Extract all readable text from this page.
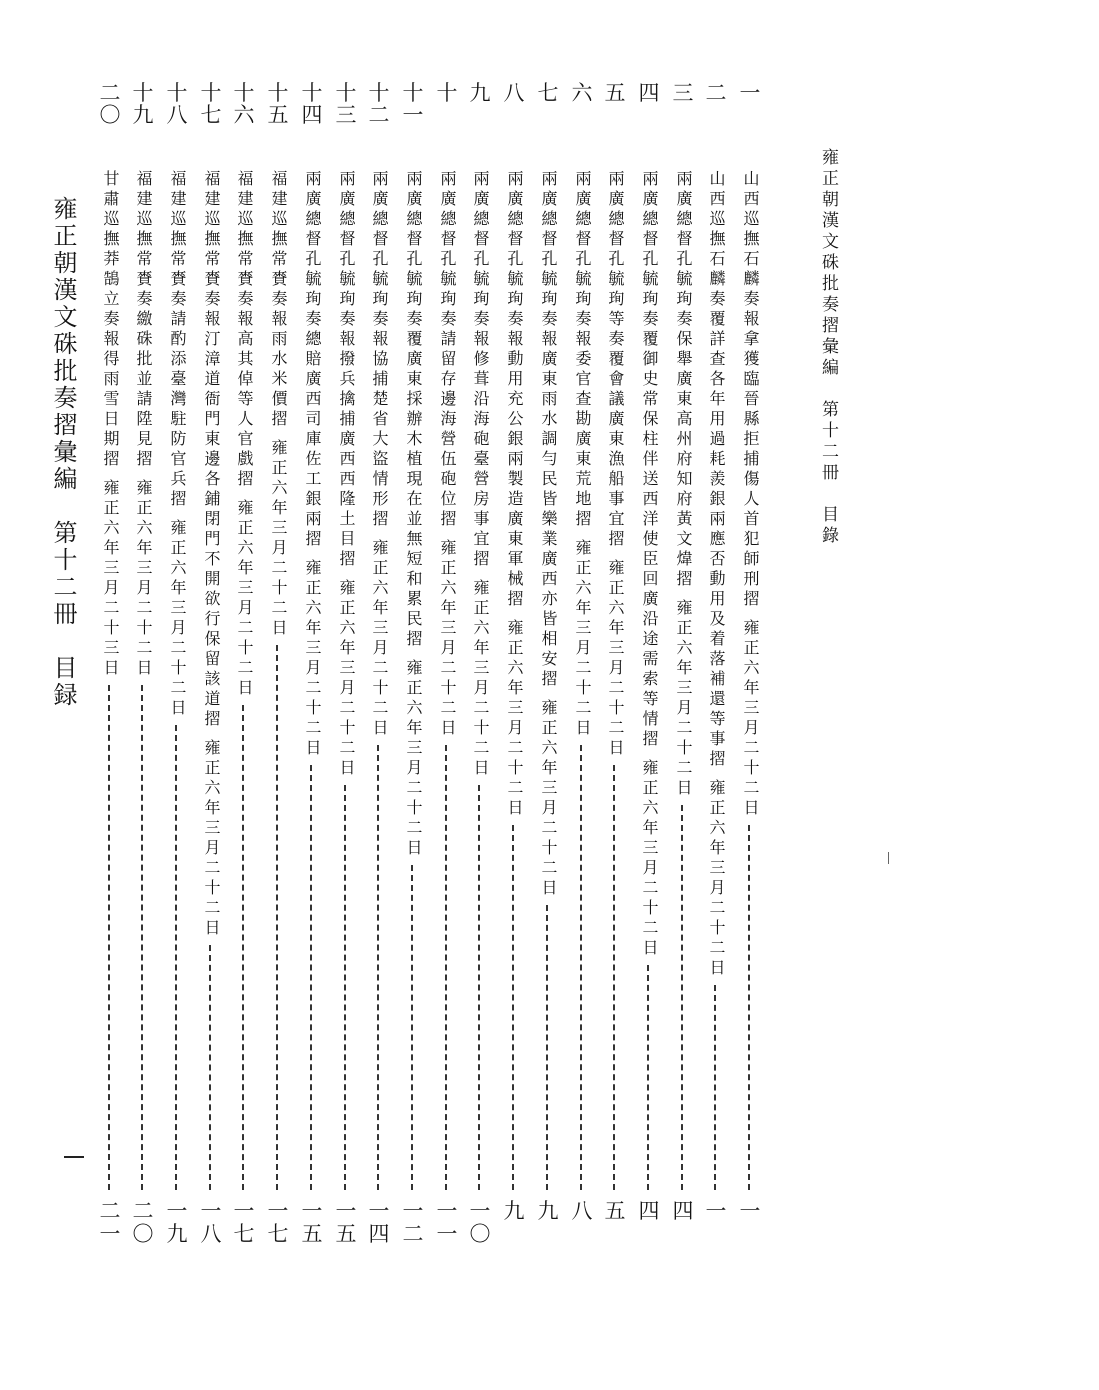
雍正朝漢文硃批奏摺彙編　第十二冊　目錄
雍正朝漢文硃批奏摺彙編　第十二冊　目録
一
山西巡撫石麟奏報拿獲臨晉縣拒捕傷人首犯師刑摺 雍正六年三月二十二日
一
二
山西巡撫石麟奏覆詳查各年用過耗羨銀兩應否動用及着落補還等事摺 雍正六年三月二十二日
一
三
兩廣總督孔毓珣奏保舉廣東高州府知府黃文煒摺 雍正六年三月二十二日
四
四
兩廣總督孔毓珣奏覆御史常保柱伴送西洋使臣回廣沿途需索等情摺 雍正六年三月二十二日
四
五
兩廣總督孔毓珣等奏覆會議廣東漁船事宜摺 雍正六年三月二十二日
五
六
兩廣總督孔毓珣奏報委官查勘廣東荒地摺 雍正六年三月二十二日
八
七
兩廣總督孔毓珣奏報廣東雨水調勻民皆樂業廣西亦皆相安摺 雍正六年三月二十二日
九
八
兩廣總督孔毓珣奏報動用充公銀兩製造廣東軍械摺 雍正六年三月二十二日
九
九
兩廣總督孔毓珣奏報修葺沿海砲臺營房事宜摺 雍正六年三月二十二日
一
〇
十
兩廣總督孔毓珣奏請留存邊海營伍砲位摺 雍正六年三月二十二日
一
一
十
一
兩廣總督孔毓珣奏覆廣東採辦木植現在並無短和累民摺 雍正六年三月二十二日
一
二
十
二
兩廣總督孔毓珣奏報協捕楚省大盜情形摺 雍正六年三月二十二日
一
四
十
三
兩廣總督孔毓珣奏報撥兵擒捕廣西西隆土目摺 雍正六年三月二十二日
一
五
十
四
兩廣總督孔毓珣奏總賠廣西司庫佐工銀兩摺 雍正六年三月二十二日
一
五
十
五
福建巡撫常賚奏報雨水米價摺 雍正六年三月二十二日
一
七
十
六
福建巡撫常賚奏報高其倬等人官戲摺 雍正六年三月二十二日
一
七
十
七
福建巡撫常賚奏報汀漳道衙門東邊各鋪閉門不開欲行保留該道摺 雍正六年三月二十二日
一
八
十
八
福建巡撫常賚奏請酌添臺灣駐防官兵摺 雍正六年三月二十二日
一
九
十
九
福建巡撫常賚奏繳硃批並請陞見摺 雍正六年三月二十二日
二
〇
二
〇
甘肅巡撫莽鵠立奏報得雨雪日期摺 雍正六年三月二十三日
二
一
